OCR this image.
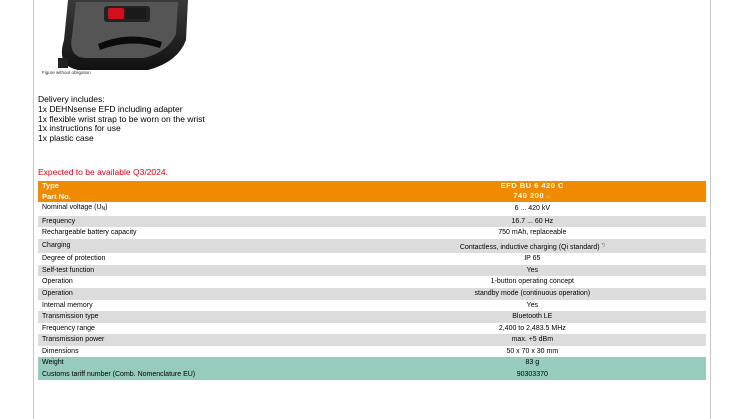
Figure without obligation
Delivery includes:
1x DEHNsense EFD including adapter
1x flexible wrist strap to be worn on the wrist
1x instructions for use
1x plastic case
Expected to be available Q3/2024.
Type	EFD BU 6 420 C
Part No.	740 200 ▭
Nominal voltage $(U_N)$	6 ... 420 kV
Frequency	16.7 ... 60 Hz
Rechargeable battery capacity	750 mAh, replaceable
Charging	Contactless, inductive charging (Qi standard) *)
Degree of protection	IP 65
Self-test function	Yes
Operation	1-button operating concept
Operation	standby mode (continuous operation)
Internal memory	Yes
Transmission type	Bluetooth LE
Frequency range	2,400 to 2,483.5 MHz
Transmission power	max. +5 dBm
Dimensions	50 x 70 x 30 mm
Weight	83 g
Customs tariff number (Comb. Nomenclature EU)	90303370
